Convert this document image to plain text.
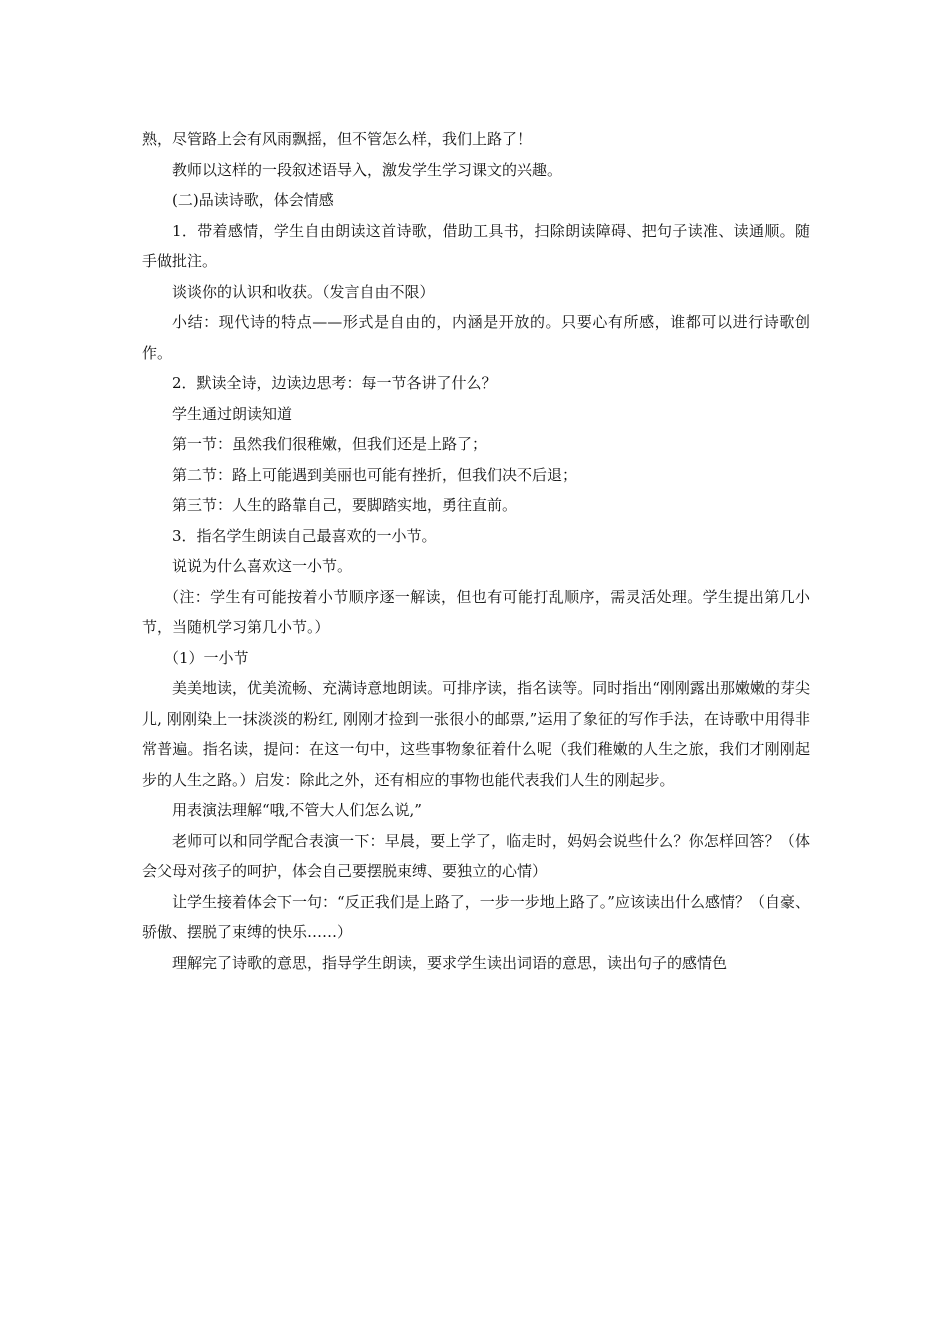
熟，尽管路上会有风雨飘摇，但不管怎么样，我们上路了！

教师以这样的一段叙述语导入，激发学生学习课文的兴趣。

(二)品读诗歌，体会情感

1．带着感情，学生自由朗读这首诗歌，借助工具书，扫除朗读障碍、把句子读准、读通顺。随手做批注。

谈谈你的认识和收获。（发言自由不限）

小结：现代诗的特点——形式是自由的，内涵是开放的。只要心有所感，谁都可以进行诗歌创作。

2．默读全诗，边读边思考：每一节各讲了什么？

学生通过朗读知道

第一节：虽然我们很稚嫩，但我们还是上路了；

第二节：路上可能遇到美丽也可能有挫折，但我们决不后退；

第三节：人生的路靠自己，要脚踏实地，勇往直前。

3．指名学生朗读自己最喜欢的一小节。

说说为什么喜欢这一小节。

（注：学生有可能按着小节顺序逐一解读，但也有可能打乱顺序，需灵活处理。学生提出第几小节，当随机学习第几小节。）

（1）一小节

美美地读，优美流畅、充满诗意地朗读。可排序读，指名读等。同时指出“刚刚露出那嫩嫩的芽尖儿, 刚刚染上一抹淡淡的粉红, 刚刚才捡到一张很小的邮票,”运用了象征的写作手法，在诗歌中用得非常普遍。指名读，提问：在这一句中，这些事物象征着什么呢（我们稚嫩的人生之旅，我们才刚刚起步的人生之路。）启发：除此之外，还有相应的事物也能代表我们人生的刚起步。

用表演法理解“哦,不管大人们怎么说,”

老师可以和同学配合表演一下：早晨，要上学了，临走时，妈妈会说些什么？你怎样回答？（体会父母对孩子的呵护，体会自己要摆脱束缚、要独立的心情）

让学生接着体会下一句：“反正我们是上路了，一步一步地上路了。”应该读出什么感情？（自豪、骄傲、摆脱了束缚的快乐……）

理解完了诗歌的意思，指导学生朗读，要求学生读出词语的意思，读出句子的感情色
